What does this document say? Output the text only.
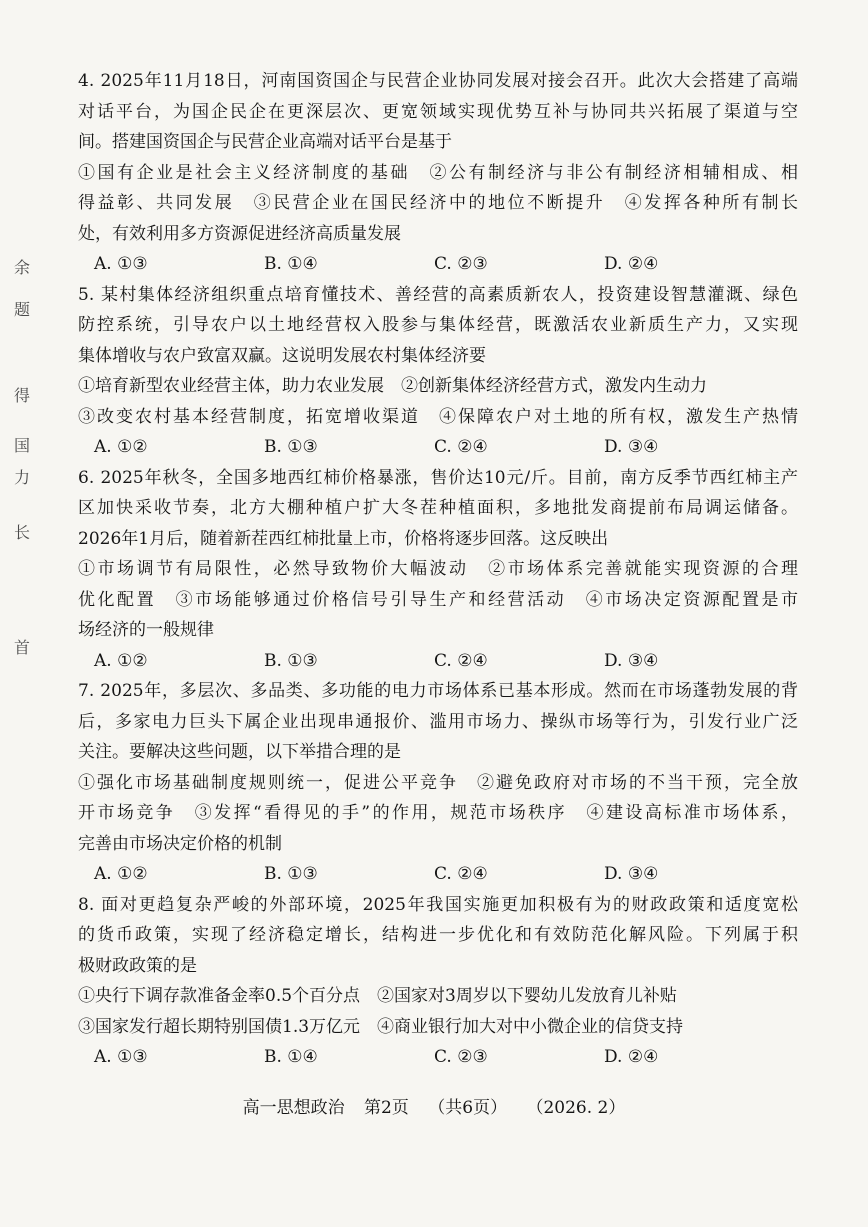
余
题
得
国
力
长
首
4. 2025年11月18日，河南国资国企与民营企业协同发展对接会召开。此次大会搭建了高端
对话平台，为国企民企在更深层次、更宽领域实现优势互补与协同共兴拓展了渠道与空
间。搭建国资国企与民营企业高端对话平台是基于
①国有企业是社会主义经济制度的基础　②公有制经济与非公有制经济相辅相成、相
得益彰、共同发展　③民营企业在国民经济中的地位不断提升　④发挥各种所有制长
处，有效利用多方资源促进经济高质量发展
A. ①③	B. ①④	C. ②③	D. ②④
5. 某村集体经济组织重点培育懂技术、善经营的高素质新农人，投资建设智慧灌溉、绿色
防控系统，引导农户以土地经营权入股参与集体经营，既激活农业新质生产力，又实现
集体增收与农户致富双赢。这说明发展农村集体经济要
①培育新型农业经营主体，助力农业发展　②创新集体经济经营方式，激发内生动力
③改变农村基本经营制度，拓宽增收渠道　④保障农户对土地的所有权，激发生产热情
A. ①②	B. ①③	C. ②④	D. ③④
6. 2025年秋冬，全国多地西红柿价格暴涨，售价达10元/斤。目前，南方反季节西红柿主产
区加快采收节奏，北方大棚种植户扩大冬茬种植面积，多地批发商提前布局调运储备。
2026年1月后，随着新茬西红柿批量上市，价格将逐步回落。这反映出
①市场调节有局限性，必然导致物价大幅波动　②市场体系完善就能实现资源的合理
优化配置　③市场能够通过价格信号引导生产和经营活动　④市场决定资源配置是市
场经济的一般规律
A. ①②	B. ①③	C. ②④	D. ③④
7. 2025年，多层次、多品类、多功能的电力市场体系已基本形成。然而在市场蓬勃发展的背
后，多家电力巨头下属企业出现串通报价、滥用市场力、操纵市场等行为，引发行业广泛
关注。要解决这些问题，以下举措合理的是
①强化市场基础制度规则统一，促进公平竞争　②避免政府对市场的不当干预，完全放
开市场竞争　③发挥“看得见的手”的作用，规范市场秩序　④建设高标准市场体系，
完善由市场决定价格的机制
A. ①②	B. ①③	C. ②④	D. ③④
8. 面对更趋复杂严峻的外部环境，2025年我国实施更加积极有为的财政政策和适度宽松
的货币政策，实现了经济稳定增长，结构进一步优化和有效防范化解风险。下列属于积
极财政政策的是
①央行下调存款准备金率0.5个百分点　②国家对3周岁以下婴幼儿发放育儿补贴
③国家发行超长期特别国债1.3万亿元　④商业银行加大对中小微企业的信贷支持
A. ①③	B. ①④	C. ②③	D. ②④
高一思想政治 第2页 （共6页） （2026. 2）
